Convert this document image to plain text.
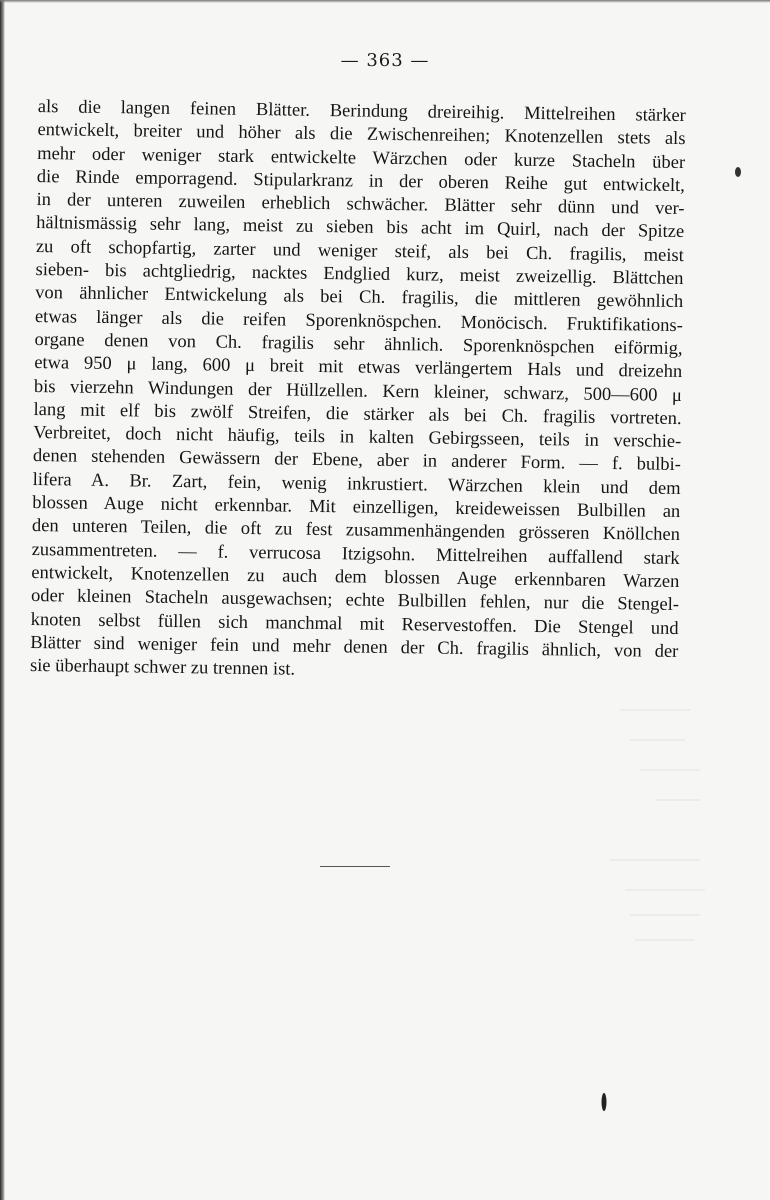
— 363 —
als die langen feinen Blätter. Berindung dreireihig. Mittelreihen stärker
entwickelt, breiter und höher als die Zwischenreihen; Knotenzellen stets als
mehr oder weniger stark entwickelte Wärzchen oder kurze Stacheln über
die Rinde emporragend. Stipularkranz in der oberen Reihe gut entwickelt,
in der unteren zuweilen erheblich schwächer. Blätter sehr dünn und ver-
hältnismässig sehr lang, meist zu sieben bis acht im Quirl, nach der Spitze
zu oft schopfartig, zarter und weniger steif, als bei Ch. fragilis, meist
sieben- bis achtgliedrig, nacktes Endglied kurz, meist zweizellig. Blättchen
von ähnlicher Entwickelung als bei Ch. fragilis, die mittleren gewöhnlich
etwas länger als die reifen Sporenknöspchen. Monöcisch. Fruktifikations-
organe denen von Ch. fragilis sehr ähnlich. Sporenknöspchen eiförmig,
etwa 950 μ lang, 600 μ breit mit etwas verlängertem Hals und dreizehn
bis vierzehn Windungen der Hüllzellen. Kern kleiner, schwarz, 500—600 μ
lang mit elf bis zwölf Streifen, die stärker als bei Ch. fragilis vortreten.
Verbreitet, doch nicht häufig, teils in kalten Gebirgsseen, teils in verschie-
denen stehenden Gewässern der Ebene, aber in anderer Form. — f. bulbi-
lifera A. Br. Zart, fein, wenig inkrustiert. Wärzchen klein und dem
blossen Auge nicht erkennbar. Mit einzelligen, kreideweissen Bulbillen an
den unteren Teilen, die oft zu fest zusammenhängenden grösseren Knöllchen
zusammentreten. — f. verrucosa Itzigsohn. Mittelreihen auffallend stark
entwickelt, Knotenzellen zu auch dem blossen Auge erkennbaren Warzen
oder kleinen Stacheln ausgewachsen; echte Bulbillen fehlen, nur die Stengel-
knoten selbst füllen sich manchmal mit Reservestoffen. Die Stengel und
Blätter sind weniger fein und mehr denen der Ch. fragilis ähnlich, von der
sie überhaupt schwer zu trennen ist.
